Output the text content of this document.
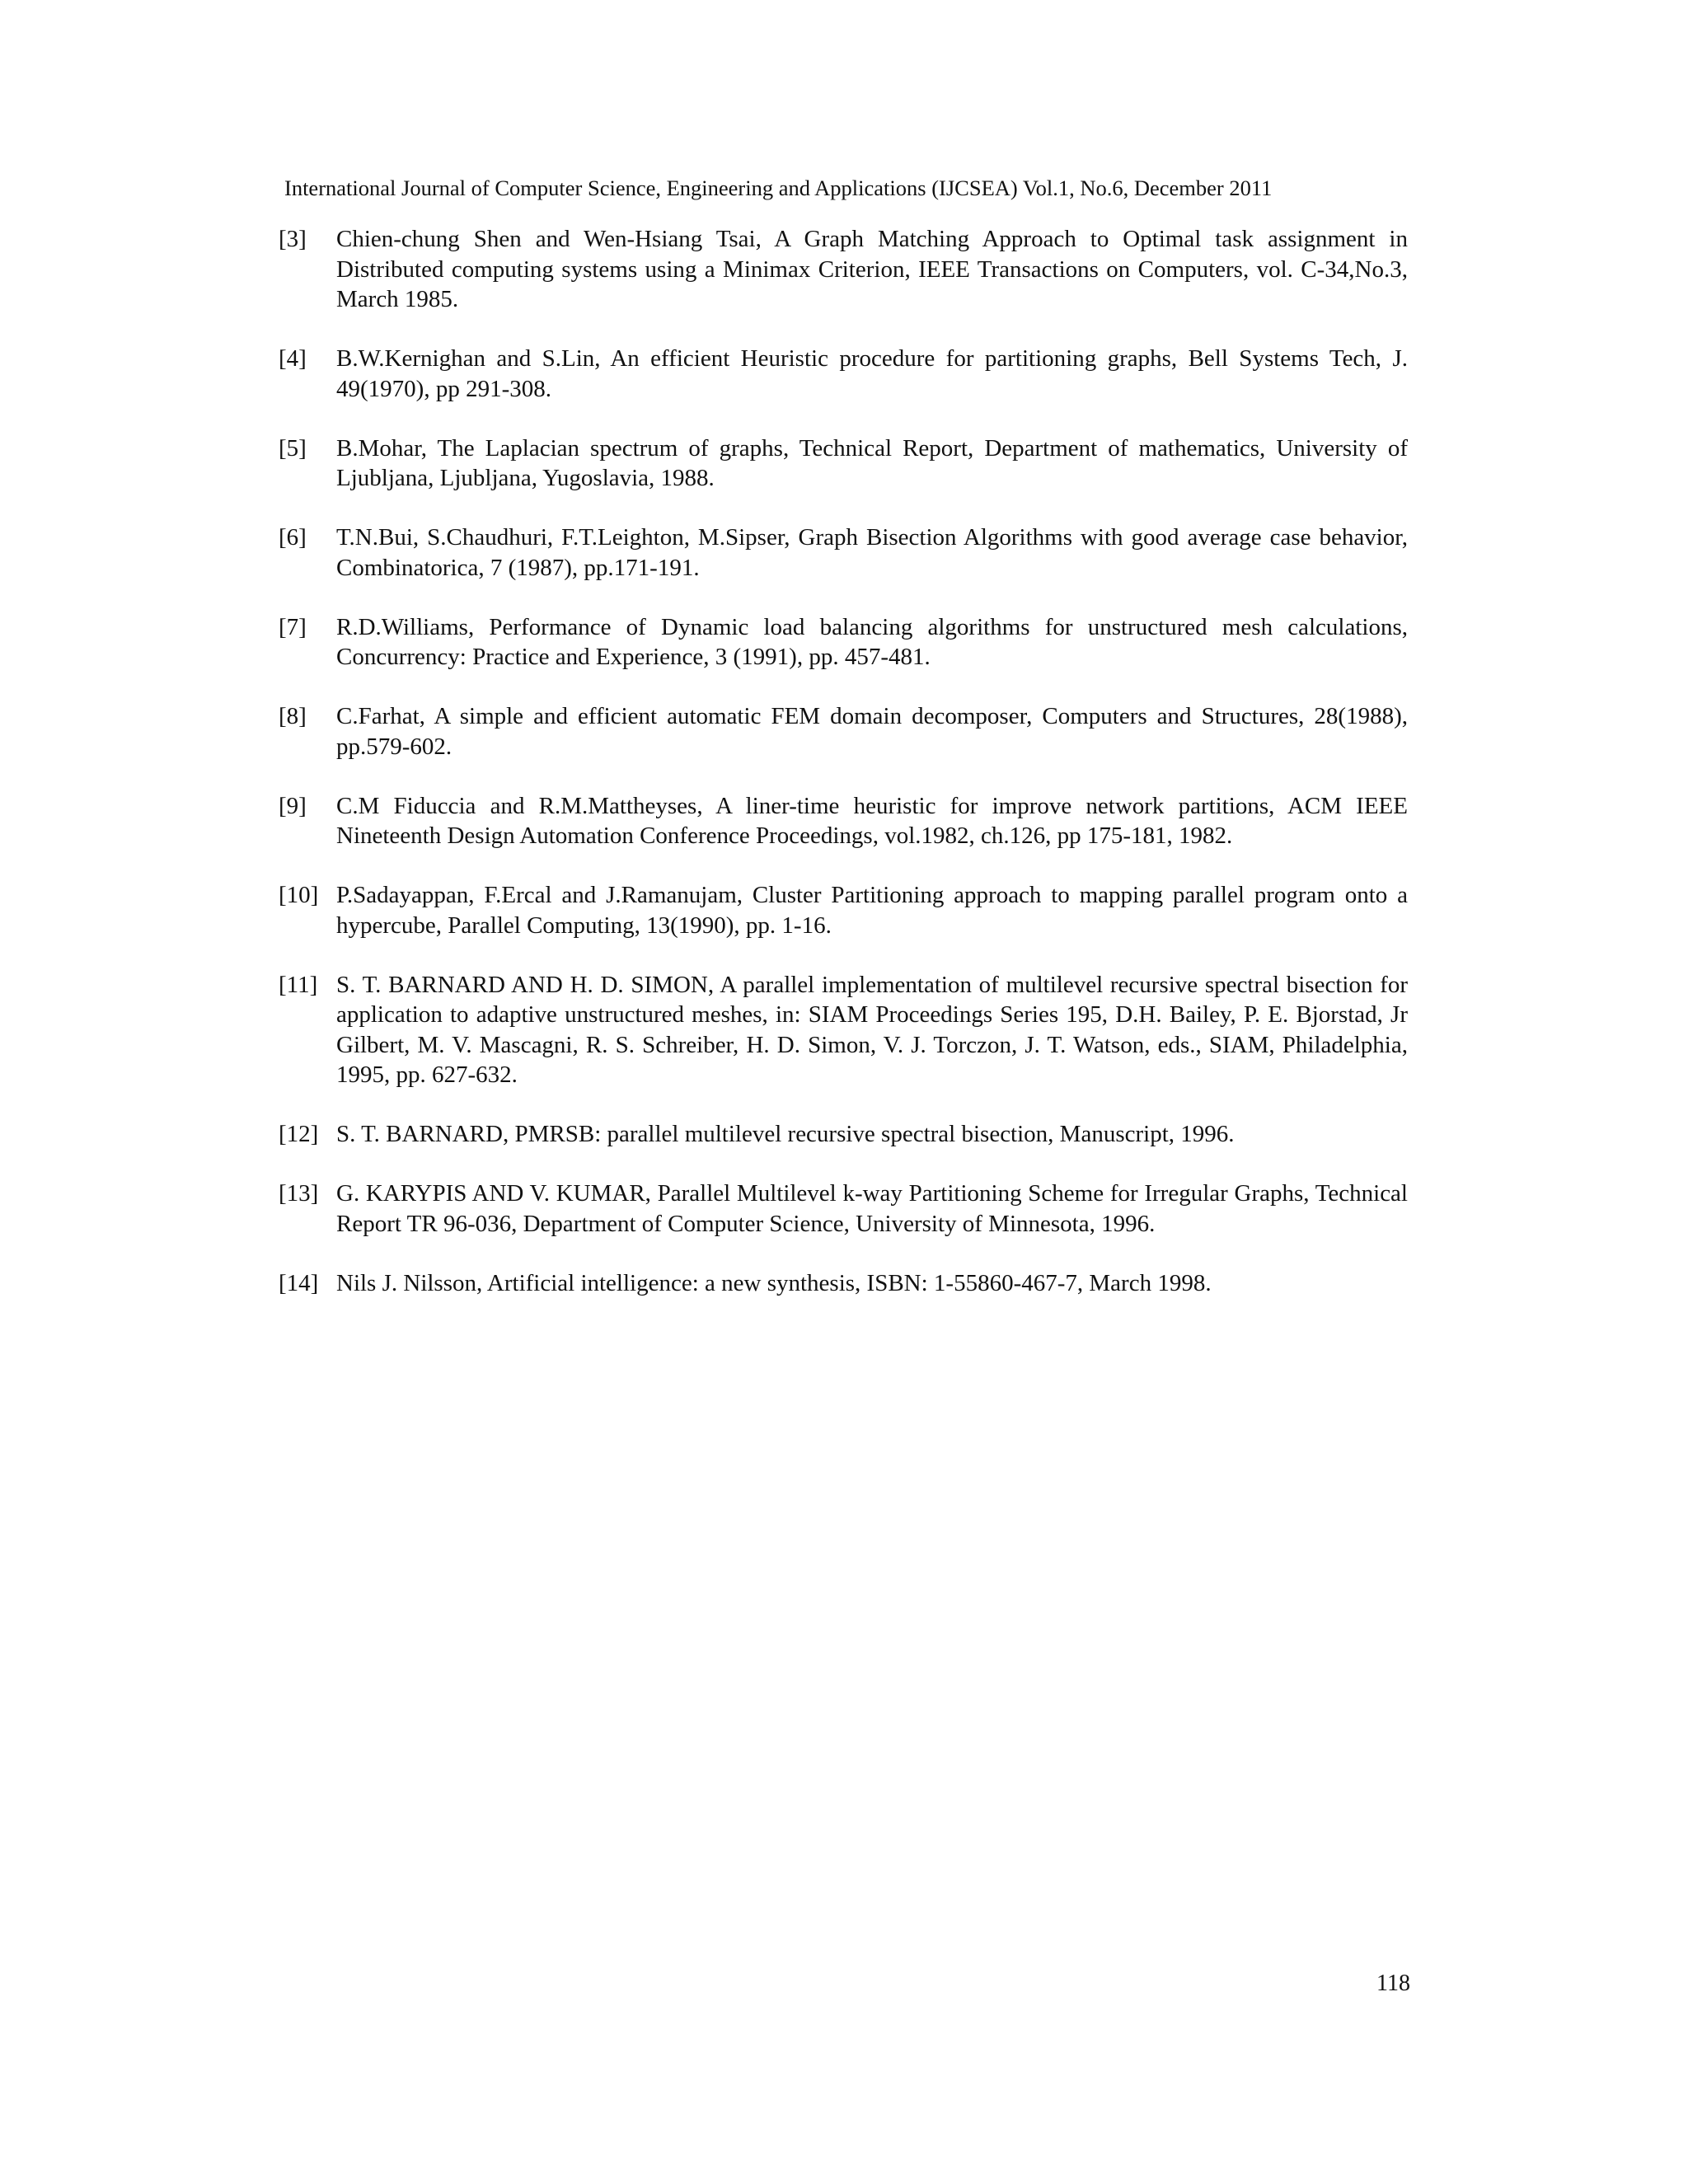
International Journal of Computer Science, Engineering and Applications (IJCSEA) Vol.1, No.6, December 2011
[3]	Chien-chung Shen and Wen-Hsiang Tsai, A Graph Matching Approach to Optimal task assignment in Distributed computing systems using a Minimax Criterion, IEEE Transactions on Computers, vol. C-34,No.3, March 1985.
[4]	B.W.Kernighan and S.Lin, An efficient Heuristic procedure for partitioning graphs, Bell Systems Tech, J. 49(1970), pp 291-308.
[5]	B.Mohar, The Laplacian spectrum of graphs, Technical Report, Department of mathematics, University of Ljubljana, Ljubljana, Yugoslavia, 1988.
[6]	T.N.Bui, S.Chaudhuri, F.T.Leighton, M.Sipser, Graph Bisection Algorithms with good average case behavior, Combinatorica, 7 (1987), pp.171-191.
[7]	R.D.Williams, Performance of Dynamic load balancing algorithms for unstructured mesh calculations, Concurrency: Practice and Experience, 3 (1991), pp. 457-481.
[8]	C.Farhat, A simple and efficient automatic FEM domain decomposer, Computers and Structures, 28(1988), pp.579-602.
[9]	C.M Fiduccia and R.M.Mattheyses, A liner-time heuristic for improve network partitions, ACM IEEE Nineteenth Design Automation Conference Proceedings, vol.1982, ch.126, pp 175-181, 1982.
[10] P.Sadayappan, F.Ercal and J.Ramanujam, Cluster Partitioning approach to mapping parallel program onto a hypercube, Parallel Computing, 13(1990), pp. 1-16.
[11] S. T. BARNARD AND H. D. SIMON, A parallel implementation of multilevel recursive spectral bisection for application to adaptive unstructured meshes, in: SIAM Proceedings Series 195, D.H. Bailey, P. E. Bjorstad, Jr Gilbert, M. V. Mascagni, R. S. Schreiber, H. D. Simon, V. J. Torczon, J. T. Watson, eds., SIAM, Philadelphia, 1995, pp. 627-632.
[12] S. T. BARNARD, PMRSB: parallel multilevel recursive spectral bisection, Manuscript, 1996.
[13] G. KARYPIS AND V. KUMAR, Parallel Multilevel k-way Partitioning Scheme for Irregular Graphs, Technical Report TR 96-036, Department of Computer Science, University of Minnesota, 1996.
[14] Nils J. Nilsson, Artificial intelligence: a new synthesis, ISBN: 1-55860-467-7, March 1998.
118
